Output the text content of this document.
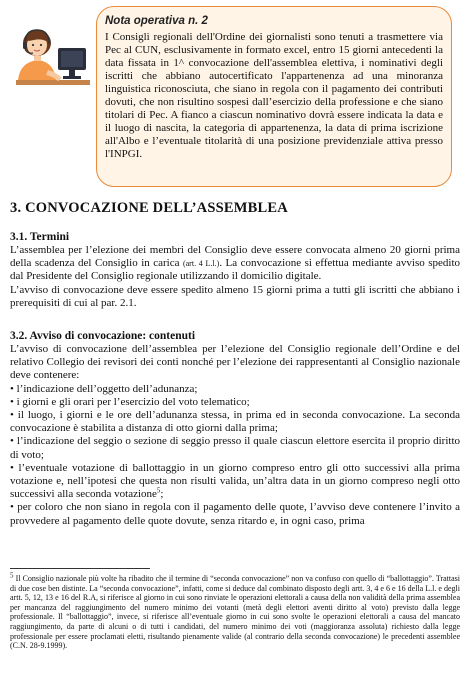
Nota operativa n. 2
I Consigli regionali dell'Ordine dei giornalisti sono tenuti a trasmettere via Pec al CUN, esclusivamente in formato excel, entro 15 giorni antecedenti la data fissata in 1^ convocazione dell'assemblea elettiva, i nominativi degli iscritti che abbiano autocertificato l'appartenenza ad una minoranza linguistica riconosciuta, che siano in regola con il pagamento dei contributi dovuti, che non risultino sospesi dall’esercizio della professione e che siano titolari di Pec. A fianco a ciascun nominativo dovrà essere indicata la data e il luogo di nascita, la categoria di appartenenza, la data di prima iscrizione all'Albo e l’eventuale titolarità di una posizione previdenziale attiva presso l'INPGI.
3. CONVOCAZIONE DELL’ASSEMBLEA
3.1. Termini

L’assemblea per l’elezione dei membri del Consiglio deve essere convocata almeno 20 giorni prima della scadenza del Consiglio in carica (art. 4 L.l.). La convocazione si effettua mediante avviso spedito dal Presidente del Consiglio regionale utilizzando il domicilio digitale.

L’avviso di convocazione deve essere spedito almeno 15 giorni prima a tutti gli iscritti che abbiano i prerequisiti di cui al par. 2.1.

3.2. Avviso di convocazione: contenuti

L’avviso di convocazione dell’assemblea per l’elezione del Consiglio regionale dell’Ordine e del relativo Collegio dei revisori dei conti nonché per l’elezione dei rappresentanti al Consiglio nazionale deve contenere:

• l’indicazione dell’oggetto dell’adunanza;

• i giorni e gli orari per l’esercizio del voto telematico;

• il luogo, i giorni e le ore dell’adunanza stessa, in prima ed in seconda convocazione. La seconda convocazione è stabilita a distanza di otto giorni dalla prima;

• l’indicazione del seggio o sezione di seggio presso il quale ciascun elettore esercita il proprio diritto di voto;

• l’eventuale votazione di ballottaggio in un giorno compreso entro gli otto successivi alla prima votazione e, nell’ipotesi che questa non risulti valida, un’altra data in un giorno compreso negli otto successivi alla seconda votazione$^5$;

• per coloro che non siano in regola con il pagamento delle quote, l’avviso deve contenere l’invito a provvedere al pagamento delle quote dovute, senza ritardo e, in ogni caso, prima

$^5$ Il Consiglio nazionale più volte ha ribadito che il termine di “seconda convocazione” non va confuso con quello di “ballottaggio”. Trattasi di due cose ben distinte. La “seconda convocazione”, infatti, come si deduce dal combinato disposto degli artt. 3, 4 e 6 e 16 della L.l. e degli artt. 5, 12, 13 e 16 del R.A, si riferisce al giorno in cui sono rinviate le operazioni elettorali a causa della non validità della prima assemblea per mancanza del raggiungimento del numero minimo dei votanti (metà degli elettori aventi diritto al voto) previsto dalla legge professionale. Il “ballottaggio”, invece, si riferisce all’eventuale giorno in cui sono svolte le operazioni elettorali a causa del mancato raggiungimento, da parte di alcuni o di tutti i candidati, del numero minimo dei voti (maggioranza assoluta) richiesto dalla legge professionale per essere proclamati eletti, risultando pienamente valide (al contrario della seconda convocazione) le precedenti assemblee (C.N. 28-9.1999).
